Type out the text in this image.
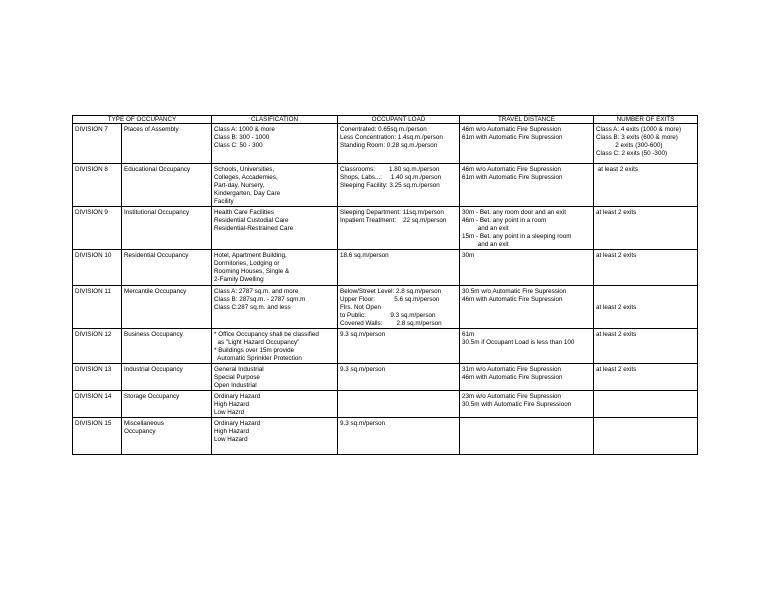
TYPE OF OCCUPANCY		CLASIFICATION	OCCUPANT LOAD	TRAVEL DISTANCE	NUMBER OF EXITS
DIVISION 7	Places of Assembly	Class A: 1000 & more
Class B: 300 - 1000
Class C: 50 - 300	Conentrated: 0.65sq.m./person
Less Concentration: 1.4sq.m./person
Standing Room: 0.28 sq.m./person	46m w/o Automatic Fire Supression
61m with Automatic Fire Supression	Class A: 4 exits (1000 & more)
Class B: 3 exits (600 & more)
2 exits (300-600)
Class C: 2 exits (50 -300)
DIVISION 8	Educational Occupancy	Schools, Universities,
Colleges, Accademies,
Part-day, Nursery,
Kindergarten, Day Care
Facility	Classrooms:        1.80 sq.m./person
Shops, Labs...:     1.40 sq.m./person
Sleeping Facility: 3.25 sq.m./person	46m w/o Automatic Fire Supression
61m with Automatic Fire Supression	at least 2 exits
DIVISION 9	Institutional Occupancy	Health Care Facilities
Residential Custodial Care
Residential-Restrained Care	Sleeping Department: 11sq.m/person
Inpatient Treatment:    22 sq.m/person	30m - Bet. any room door and an exit
46m - Bet. any point in a room
and an exit
15m - Bet. any point in a sleeping room
and an exit	at least 2 exits
DIVISION 10	Residential Occupancy	Hotel, Apartment Building,
Dormitories, Lodging or
Rooming Houses, Single &
2-Family Dwelling	18.6 sq.m/person	30m	at least 2 exits
DIVISION 11	Mercantile Occupancy	Class A: 2787 sq.m. and more
Class B: 287sq.m. - 2787 sqm.m
Class C:287 sq.m. and less	Below/Street Level: 2.8 sq.m/person
Upper Floor:           5.6 sq.m/person
Flrs. Not Open
to Public:              9.3 sq.m/person
Covered Walls:        2.8 sq.m/person	30.5m w/o Automatic Fire Supression
46m with Automatic Fire Supression	

at least 2 exits
DIVISION 12	Business Occupancy	* Office Occupancy shall be classified
as "Light Hazard Occupancy"
* Buildings over 15m provide
Automatic Sprinkler Protection	9.3 sq.m/person	61m
30.5m if Occupant Load is less than 100	at least 2 exits
DIVISION 13	Industrial Occupancy	General Industrial
Special Purpose
Open Industrial	9.3 sq.m/person	31m w/o Automatic Fire Supression
46m with Automatic Fire Supression	at least 2 exits
DIVISION 14	Storage Occupancy	Ordinary Hazard
High Hazard
Low Hazrd		23m w/o Automatic Fire Supression
30.5m with Automatic Fire Supressioon	
DIVISION 15	Miscellaneous
Occupancy	Ordinary Hazard
High Hazard
Low Hazard	9.3 sq.m/person		
